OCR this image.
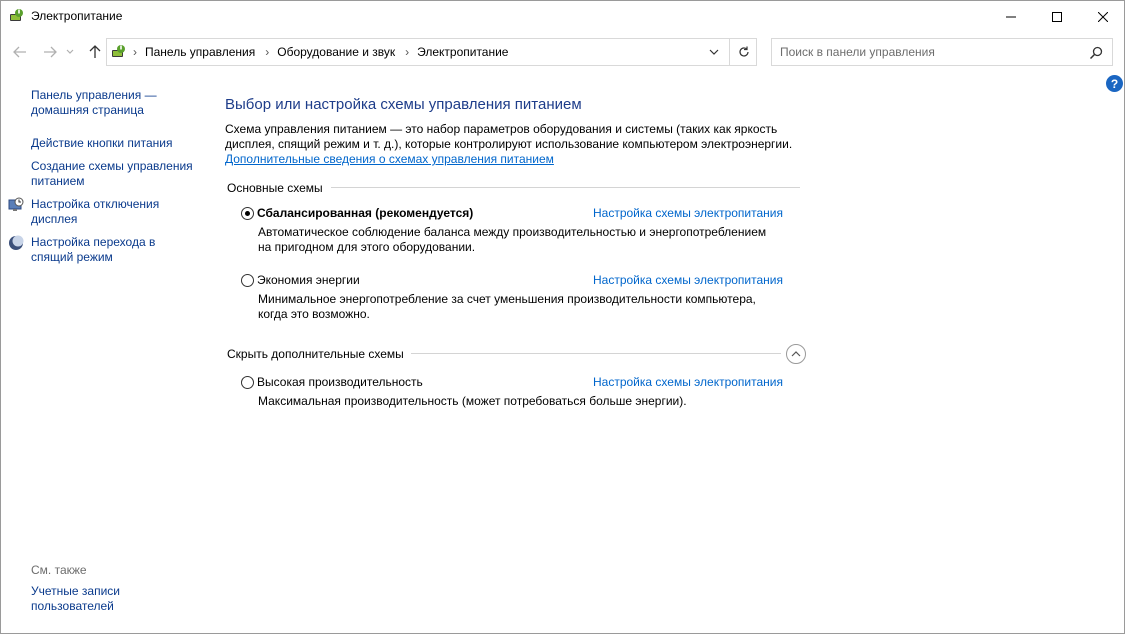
Электропитание
› Панель управления › Оборудование и звук › Электропитание
Поиск в панели управления
?
Панель управления —
домашняя страница
Действие кнопки питания
Создание схемы управления
питанием
Настройка отключения
дисплея
Настройка перехода в
спящий режим
См. также
Учетные записи
пользователей
Выбор или настройка схемы управления питанием
Схема управления питанием — это набор параметров оборудования и системы (таких как яркость
дисплея, спящий режим и т. д.), которые контролируют использование компьютером электроэнергии.
Дополнительные сведения о схемах управления питанием
Основные схемы
Сбалансированная (рекомендуется)	Настройка схемы электропитания
Автоматическое соблюдение баланса между производительностью и энергопотреблением
на пригодном для этого оборудовании.
Экономия энергии	Настройка схемы электропитания
Минимальное энергопотребление за счет уменьшения производительности компьютера,
когда это возможно.
Скрыть дополнительные схемы
Высокая производительность	Настройка схемы электропитания
Максимальная производительность (может потребоваться больше энергии).
